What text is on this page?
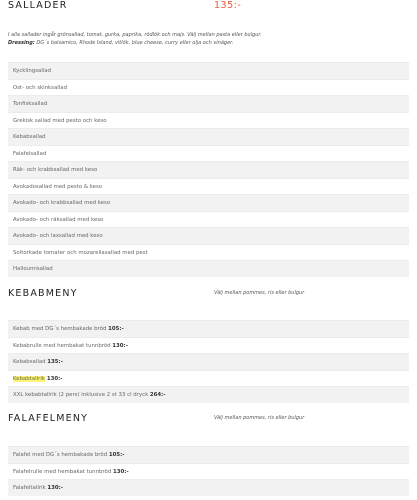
SALLADER	135:-
I alla sallader ingår grönsallad, tomat, gurka, paprika, rödlök och majs. Välj mellan pasta eller bulgur.
Dressing: DG´s balsamico, Rhode Island, vitlök, blue cheese, curry eller olja och vinäger.
Kycklingsallad
Ost- och skinksallad
Tonfisksallad
Grekisk sallad med pesto och keso
Kebabsallad
Falafelsallad
Räk- och krabbsallad med keso
Avokadosallad med pesto & keso
Avokado- och krabbsallad med keso
Avokado- och räksallad med keso
Avokado- och laxsallad med keso
Soltorkade tomater och mozarellasallad med pest
Halloumisallad
KEBABMENY	Välj mellan pommes, ris eller bulgur
Kebab med DG´s hembakade bröd 105:-
Kebabrulle med hembakat tunnbröd 130:-
Kebabsallad 135:-
Kebabtallrik 130:-
XXL kebabtallrik (2 pers) inklusive 2 st 33 cl dryck 264:-
FALAFELMENY	Välj mellan pommes, ris eller bulgur
Falafel med DG´s hembakade bröd 105:-
Falafelrulle med hembakat tunnbröd 130:-
Falafeltallrik 130:-
